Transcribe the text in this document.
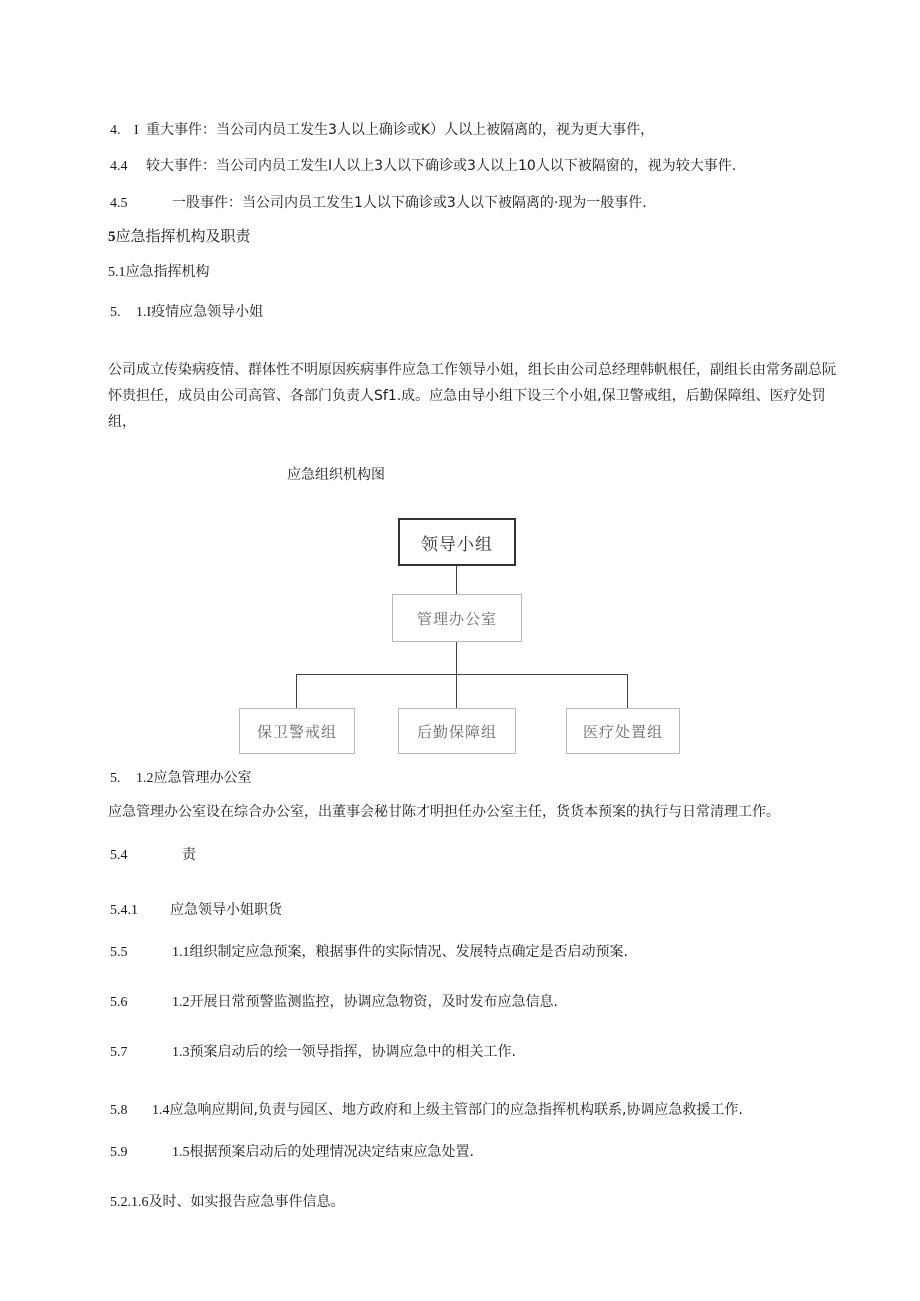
4. I 重大事件：当公司内员工发生3人以上确诊或K）人以上被隔离的，视为更大事件，
4.4 较大事件：当公司内员工发生I人以上3人以下确诊或3人以上10人以下被隔窗的，视为较大事件.
4.5	一股事件：当公司内员工发生1人以下确诊或3人以下被隔离的·现为一般事件.
5应急指挥机构及职责
5.1应急指挥机构
5. 1.I疫情应急领导小姐
公司成立传染病疫情、群体性不明原因疾病事件应急工作领导小姐，组长由公司总经理韩帆根任，副组长由常务副总阮怀贵担任，成员由公司高管、各部门负责人Sf1.成。应急由导小组下设三个小姐,保卫警戒组，后勤保障组、医疗处罚组，
应急组织机构图
领导小组
管理办公室
保卫警戒组	后勤保障组	医疗处置组
5. 1.2应急管理办公室
应急管理办公室设在综合办公室，出董事会秘甘陈才明担任办公室主任，货货本预案的执行与日常清理工作。
5.4	责
5.4.1 应急领导小姐职货
5.5	1.1组织制定应急预案，粮据事件的实际情况、发展特点确定是否启动预案.
5.6	1.2开展日常预警监测监控，协调应急物资，及时发布应急信息.
5.7	1.3预案启动后的绘一领导指挥，协调应急中的相关工作.
5.8 1.4应急响应期间,负责与园区、地方政府和上级主管部门的应急指挥机构联系,协调应急救援工作.
5.9	1.5根据预案启动后的处理情况决定结束应急处置.
5.2.1.6及时、如实报告应急事件信息。
